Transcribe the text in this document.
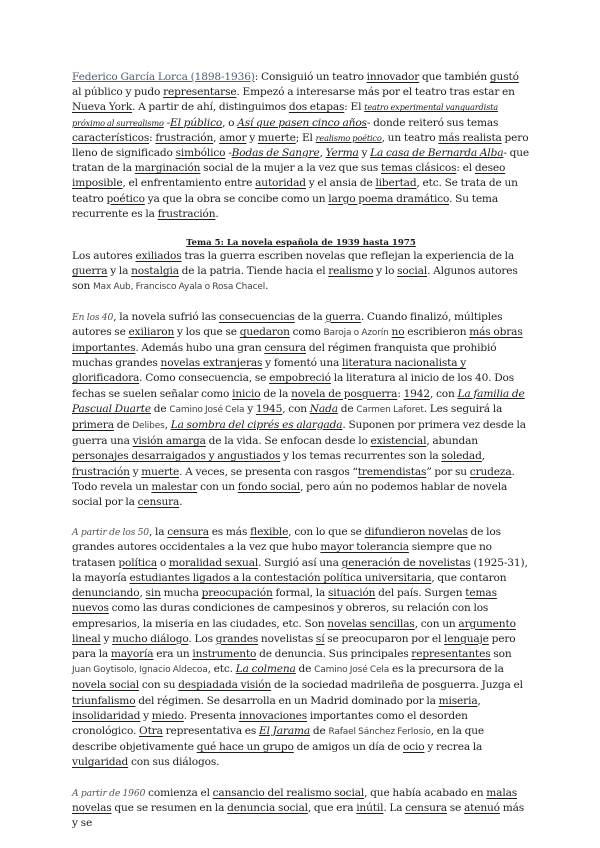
Federico García Lorca (1898-1936): Consiguió un teatro innovador que también gustó al público y pudo representarse. Empezó a interesarse más por el teatro tras estar en Nueva York. A partir de ahí, distinguimos dos etapas: El teatro experimental vanguardista próximo al surrealismo -El público, o Así que pasen cinco años- donde reiteró sus temas característicos: frustración, amor y muerte; El realismo poético, un teatro más realista pero lleno de significado simbólico -Bodas de Sangre, Yerma y La casa de Bernarda Alba- que tratan de la marginación social de la mujer a la vez que sus temas clásicos: el deseo imposible, el enfrentamiento entre autoridad y el ansia de libertad, etc. Se trata de un teatro poético ya que la obra se concibe como un largo poema dramático. Su tema recurrente es la frustración.

Tema 5: La novela española de 1939 hasta 1975

Los autores exiliados tras la guerra escriben novelas que reflejan la experiencia de la guerra y la nostalgia de la patria. Tiende hacia el realismo y lo social. Algunos autores son Max Aub, Francisco Ayala o Rosa Chacel.

En los 40, la novela sufrió las consecuencias de la guerra. Cuando finalizó, múltiples autores se exiliaron y los que se quedaron como Baroja o Azorín no escribieron más obras importantes. Además hubo una gran censura del régimen franquista que prohibió muchas grandes novelas extranjeras y fomentó una literatura nacionalista y glorificadora. Como consecuencia, se empobreció la literatura al inicio de los 40. Dos fechas se suelen señalar como inicio de la novela de posguerra: 1942, con La familia de Pascual Duarte de Camino José Cela y 1945, con Nada de Carmen Laforet. Les seguirá la primera de Delibes, La sombra del ciprés es alargada. Suponen por primera vez desde la guerra una visión amarga de la vida. Se enfocan desde lo existencial, abundan personajes desarraigados y angustiados y los temas recurrentes son la soledad, frustración y muerte. A veces, se presenta con rasgos “tremendistas” por su crudeza. Todo revela un malestar con un fondo social, pero aún no podemos hablar de novela social por la censura.

A partir de los 50, la censura es más flexible, con lo que se difundieron novelas de los grandes autores occidentales a la vez que hubo mayor tolerancia siempre que no tratasen política o moralidad sexual. Surgió así una generación de novelistas (1925-31), la mayoría estudiantes ligados a la contestación política universitaria, que contaron denunciando, sin mucha preocupación formal, la situación del país. Surgen temas nuevos como las duras condiciones de campesinos y obreros, su relación con los empresarios, la miseria en las ciudades, etc. Son novelas sencillas, con un argumento lineal y mucho diálogo. Los grandes novelistas sí se preocuparon por el lenguaje pero para la mayoría era un instrumento de denuncia. Sus principales representantes son Juan Goytisolo, Ignacio Aldecoa, etc. La colmena de Camino José Cela es la precursora de la novela social con su despiadada visión de la sociedad madrileña de posguerra. Juzga el triunfalismo del régimen. Se desarrolla en un Madrid dominado por la miseria, insolidaridad y miedo. Presenta innovaciones importantes como el desorden cronológico. Otra representativa es El Jarama de Rafael Sánchez Ferlosio, en la que describe objetivamente qué hace un grupo de amigos un día de ocio y recrea la vulgaridad con sus diálogos.

A partir de 1960 comienza el cansancio del realismo social, que había acabado en malas novelas que se resumen en la denuncia social, que era inútil. La censura se atenuó más y se
